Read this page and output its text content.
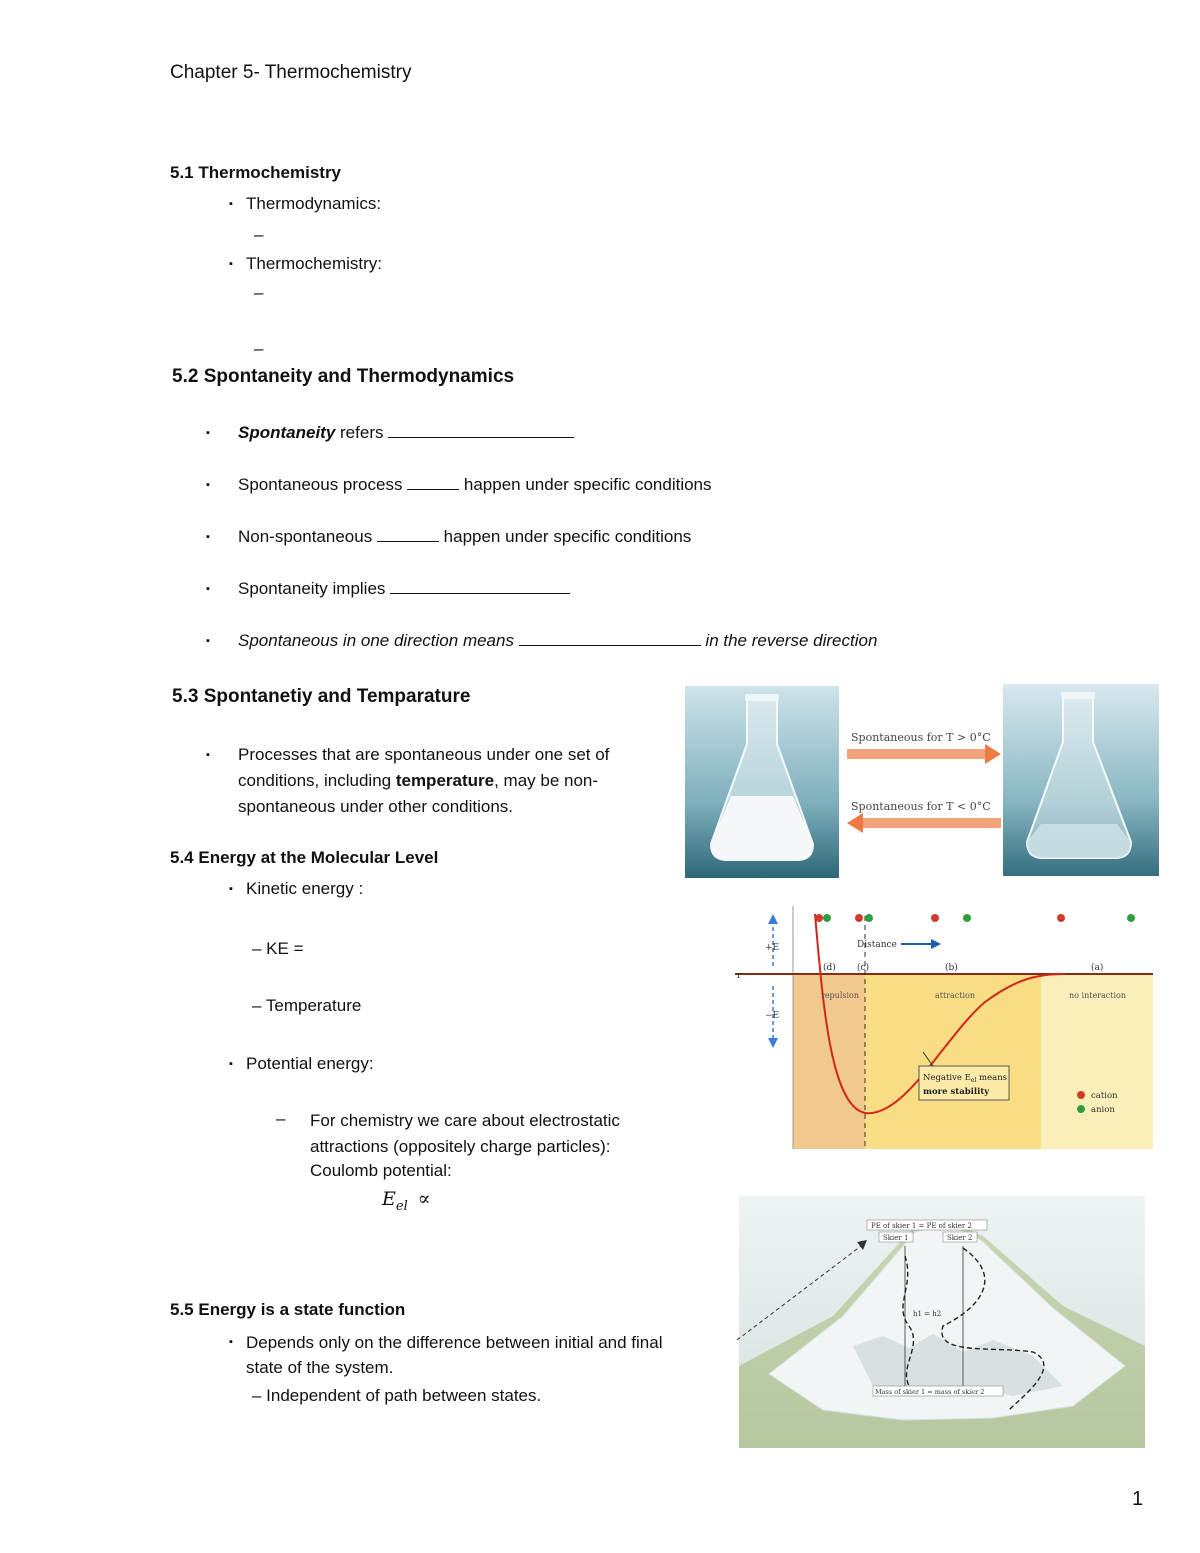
Chapter 5- Thermochemistry
5.1 Thermochemistry
▪ Thermodynamics:
–
▪ Thermochemistry:
–
–
5.2 Spontaneity and Thermodynamics
▪ Spontaneity refers
▪ Spontaneous process	happen under specific conditions
▪ Non-spontaneous	happen under specific conditions
▪ Spontaneity implies
▪ Spontaneous in one direction means	in the reverse direction
5.3 Spontanetiy and Temparature
▪ Processes that are spontaneous under one set of conditions, including temperature, may be non-spontaneous under other conditions.
Spontaneous for T > 0°C
Spontaneous for T < 0°C
5.4 Energy at the Molecular Level
▪ Kinetic energy :
– KE =
– Temperature
▪ Potential energy:
– For chemistry we care about electrostatic attractions (oppositely charge particles):
Coulomb potential:
$E_{el}$ ∝
+E
−E
r
Distance
(d) (c)	(b)	(a)
repulsion	attraction	no interaction
Negative $E_{el}$ means
more stability	cation
anion
5.5 Energy is a state function
▪ Depends only on the difference between initial and final state of the system.
– Independent of path between states.
PE of skier 1 = PE of skier 2
Skier 1	Skier 2
h1 = h2
Mass of skier 1 = mass of skier 2
1
